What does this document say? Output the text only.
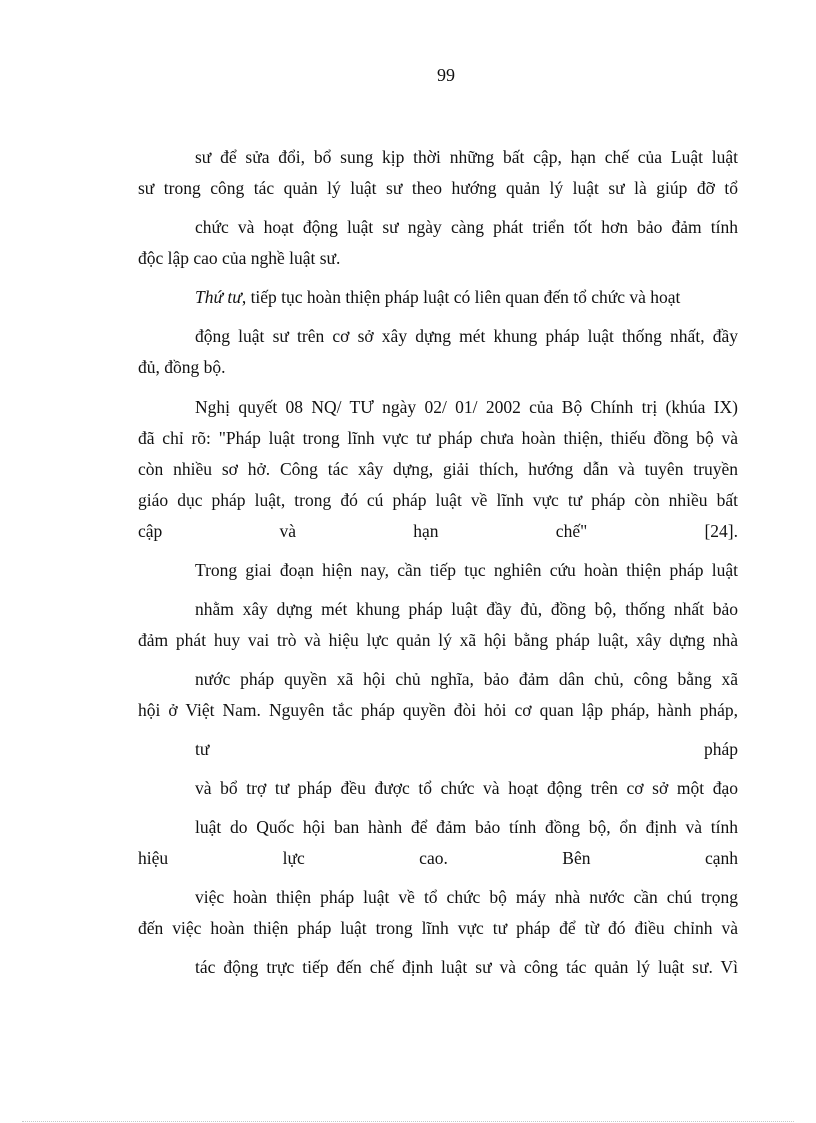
99
sư để sửa đổi, bổ sung kịp thời những bất cập, hạn chế của Luật luật
sư trong công tác quản lý luật sư theo hướng quản lý luật sư là giúp đỡ tổ
chức và hoạt động luật sư ngày càng phát triển tốt hơn bảo đảm tính
độc lập cao của nghề luật sư.
Thứ tư, tiếp tục hoàn thiện pháp luật có liên quan đến tổ chức và hoạt
động luật sư trên cơ sở xây dựng mét khung pháp luật thống nhất, đầy
đủ, đồng bộ.
Nghị quyết 08 NQ/ TƯ ngày 02/ 01/ 2002 của Bộ Chính trị (khúa IX)
đã chỉ rõ: "Pháp luật trong lĩnh vực tư pháp chưa hoàn thiện, thiếu đồng bộ và
còn nhiều sơ hở. Công tác xây dựng, giải thích, hướng dẫn và tuyên truyền
giáo dục pháp luật, trong đó cú pháp luật về lĩnh vực tư pháp còn nhiều bất
cập và hạn chế" [24].
Trong giai đoạn hiện nay, cần tiếp tục nghiên cứu hoàn thiện pháp luật
nhằm xây dựng mét khung pháp luật đầy đủ, đồng bộ, thống nhất bảo
đảm phát huy vai trò và hiệu lực quản lý xã hội bằng pháp luật, xây dựng nhà
nước pháp quyền xã hội chủ nghĩa, bảo đảm dân chủ, công bằng xã
hội ở Việt Nam. Nguyên tắc pháp quyền đòi hỏi cơ quan lập pháp, hành pháp,
tư pháp
và bổ trợ tư pháp đều được tổ chức và hoạt động trên cơ sở một đạo
luật do Quốc hội ban hành để đảm bảo tính đồng bộ, ổn định và tính
hiệu lực cao. Bên cạnh
việc hoàn thiện pháp luật về tổ chức bộ máy nhà nước cần chú trọng
đến việc hoàn thiện pháp luật trong lĩnh vực tư pháp để từ đó điều chỉnh và
tác động trực tiếp đến chế định luật sư và công tác quản lý luật sư. Vì
